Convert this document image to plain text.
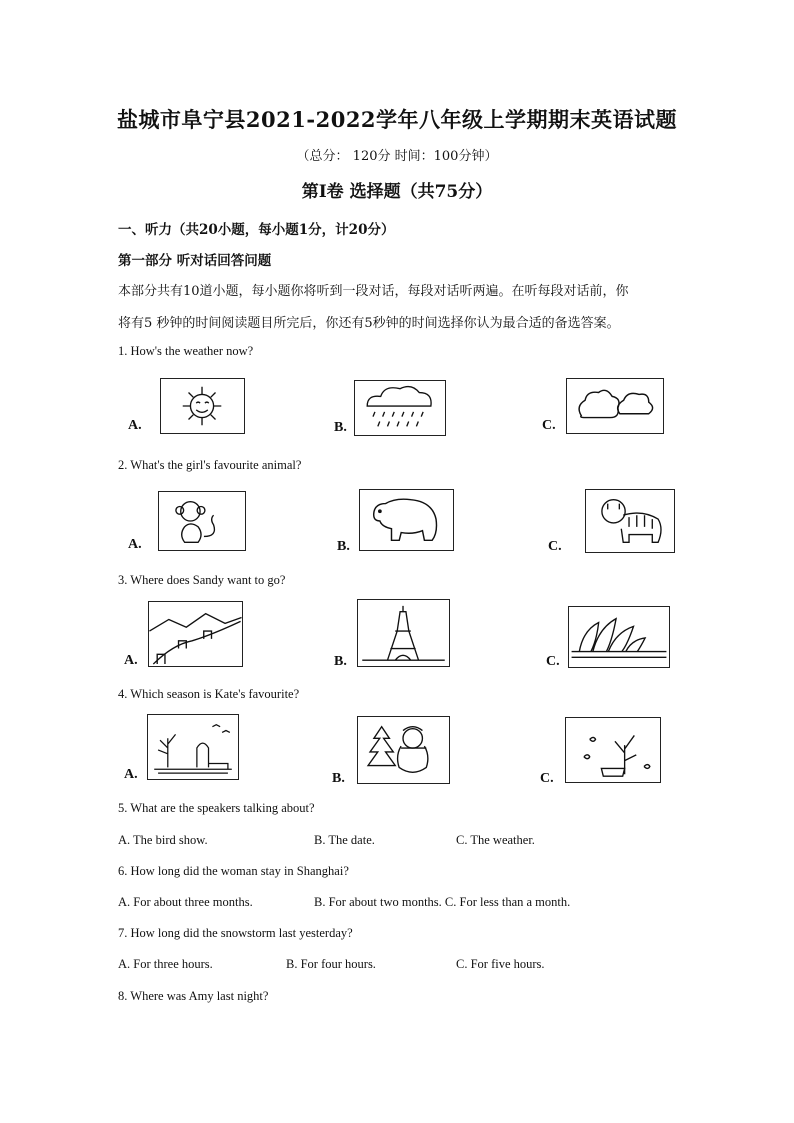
盐城市阜宁县2021-2022学年八年级上学期期末英语试题
（总分： 120分 时间：100分钟）
第I卷 选择题（共75分）
一、听力（共20小题，每小题1分，计20分）
第一部分 听对话回答问题
本部分共有10道小题，每小题你将听到一段对话，每段对话听两遍。在听每段对话前，你
将有5 秒钟的时间阅读题目所完后，你还有5秒钟的时间选择你认为最合适的备选答案。
1. How's the weather now?
A.	B.	C.
2. What's the girl's favourite animal?
A.	B.	C.
3. Where does Sandy want to go?
A.	B.	C.
4. Which season is Kate's favourite?
A.	B.	C.
5. What are the speakers talking about?
A. The bird show.	B. The date.	C. The weather.
6. How long did the woman stay in Shanghai?
A. For about three months.	B. For about two months. C. For less than a month.
7. How long did the snowstorm last yesterday?
A. For three hours.	B. For four hours.	C. For five hours.
8. Where was Amy last night?
